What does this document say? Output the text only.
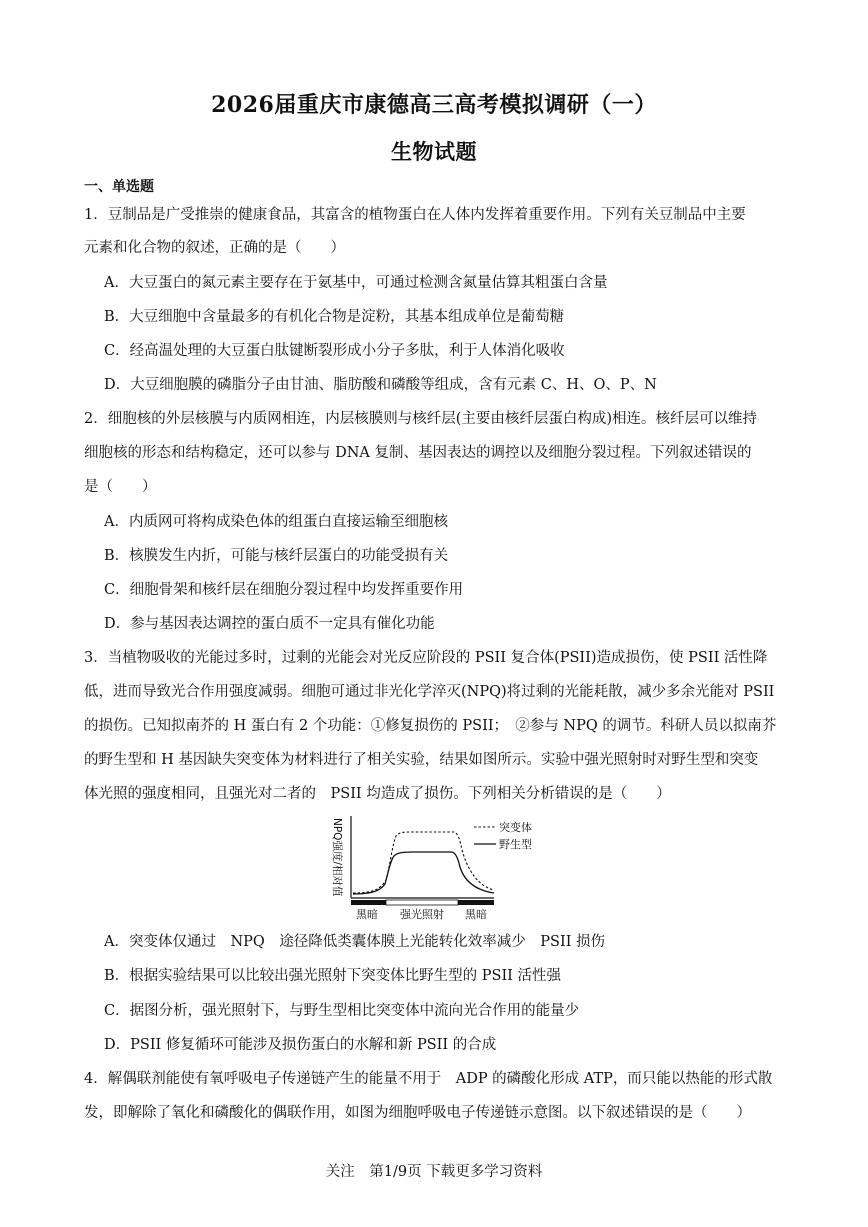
2026届重庆市康德高三高考模拟调研（一）
生物试题
一、单选题
1．豆制品是广受推崇的健康食品，其富含的植物蛋白在人体内发挥着重要作用。下列有关豆制品中主要
元素和化合物的叙述，正确的是（　　）
A．大豆蛋白的氮元素主要存在于氨基中，可通过检测含氮量估算其粗蛋白含量
B．大豆细胞中含量最多的有机化合物是淀粉，其基本组成单位是葡萄糖
C．经高温处理的大豆蛋白肽键断裂形成小分子多肽，利于人体消化吸收
D．大豆细胞膜的磷脂分子由甘油、脂肪酸和磷酸等组成，含有元素 C、H、O、P、N
2．细胞核的外层核膜与内质网相连，内层核膜则与核纤层(主要由核纤层蛋白构成)相连。核纤层可以维持
细胞核的形态和结构稳定，还可以参与 DNA 复制、基因表达的调控以及细胞分裂过程。下列叙述错误的
是（　　）
A．内质网可将构成染色体的组蛋白直接运输至细胞核
B．核膜发生内折，可能与核纤层蛋白的功能受损有关
C．细胞骨架和核纤层在细胞分裂过程中均发挥重要作用
D．参与基因表达调控的蛋白质不一定具有催化功能
3．当植物吸收的光能过多时，过剩的光能会对光反应阶段的 PSII 复合体(PSII)造成损伤，使 PSII 活性降
低，进而导致光合作用强度减弱。细胞可通过非光化学淬灭(NPQ)将过剩的光能耗散，减少多余光能对 PSII
的损伤。已知拟南芥的 H 蛋白有 2 个功能：①修复损伤的 PSII；　②参与 NPQ 的调节。科研人员以拟南芥
的野生型和 H 基因缺失突变体为材料进行了相关实验，结果如图所示。实验中强光照射时对野生型和突变
体光照的强度相同，且强光对二者的　PSII 均造成了损伤。下列相关分析错误的是（　　）
NPQ强度/相对值	突变体
野生型
黑暗 强光照射 黑暗
A．突变体仅通过　NPQ　途径降低类囊体膜上光能转化效率减少　PSII 损伤
B．根据实验结果可以比较出强光照射下突变体比野生型的 PSII 活性强
C．据图分析，强光照射下，与野生型相比突变体中流向光合作用的能量少
D．PSII 修复循环可能涉及损伤蛋白的水解和新 PSII 的合成
4．解偶联剂能使有氧呼吸电子传递链产生的能量不用于　ADP 的磷酸化形成 ATP，而只能以热能的形式散
发，即解除了氧化和磷酸化的偶联作用，如图为细胞呼吸电子传递链示意图。以下叙述错误的是（　　）
关注　第1/9页 下载更多学习资料
